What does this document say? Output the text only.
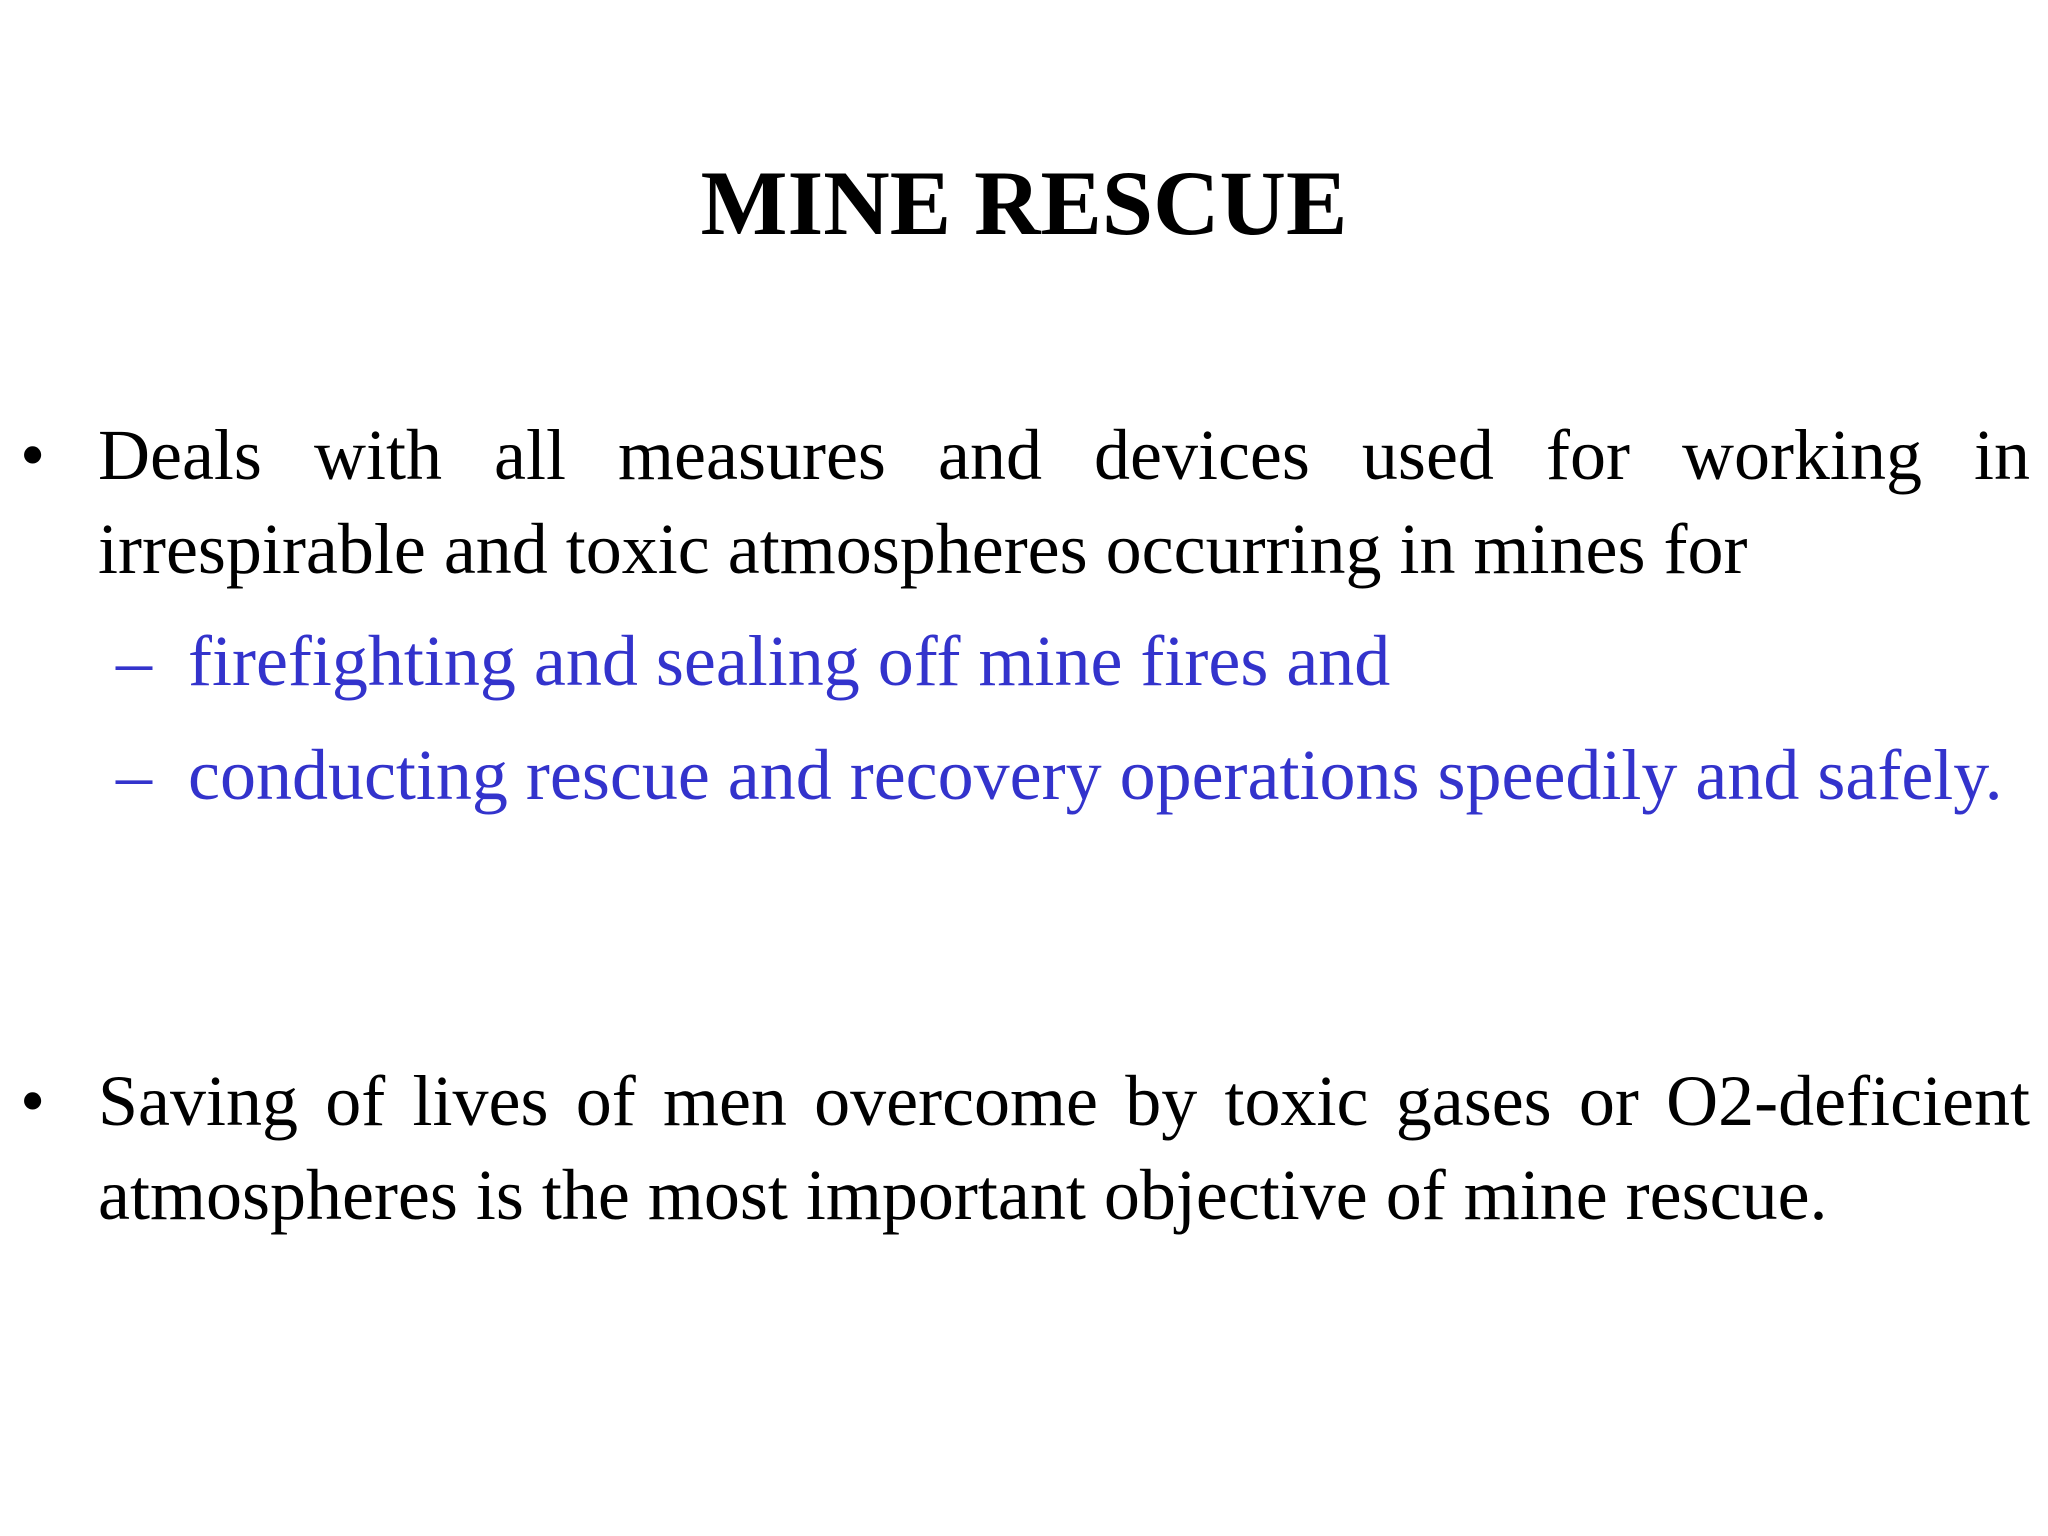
MINE RESCUE
• Deals with all measures and devices used for working in irrespirable and toxic atmospheres occurring in mines for
– firefighting and sealing off mine fires and
– conducting rescue and recovery operations speedily and safely.
• Saving of lives of men overcome by toxic gases or O2-deficient atmospheres is the most important objective of mine rescue.
